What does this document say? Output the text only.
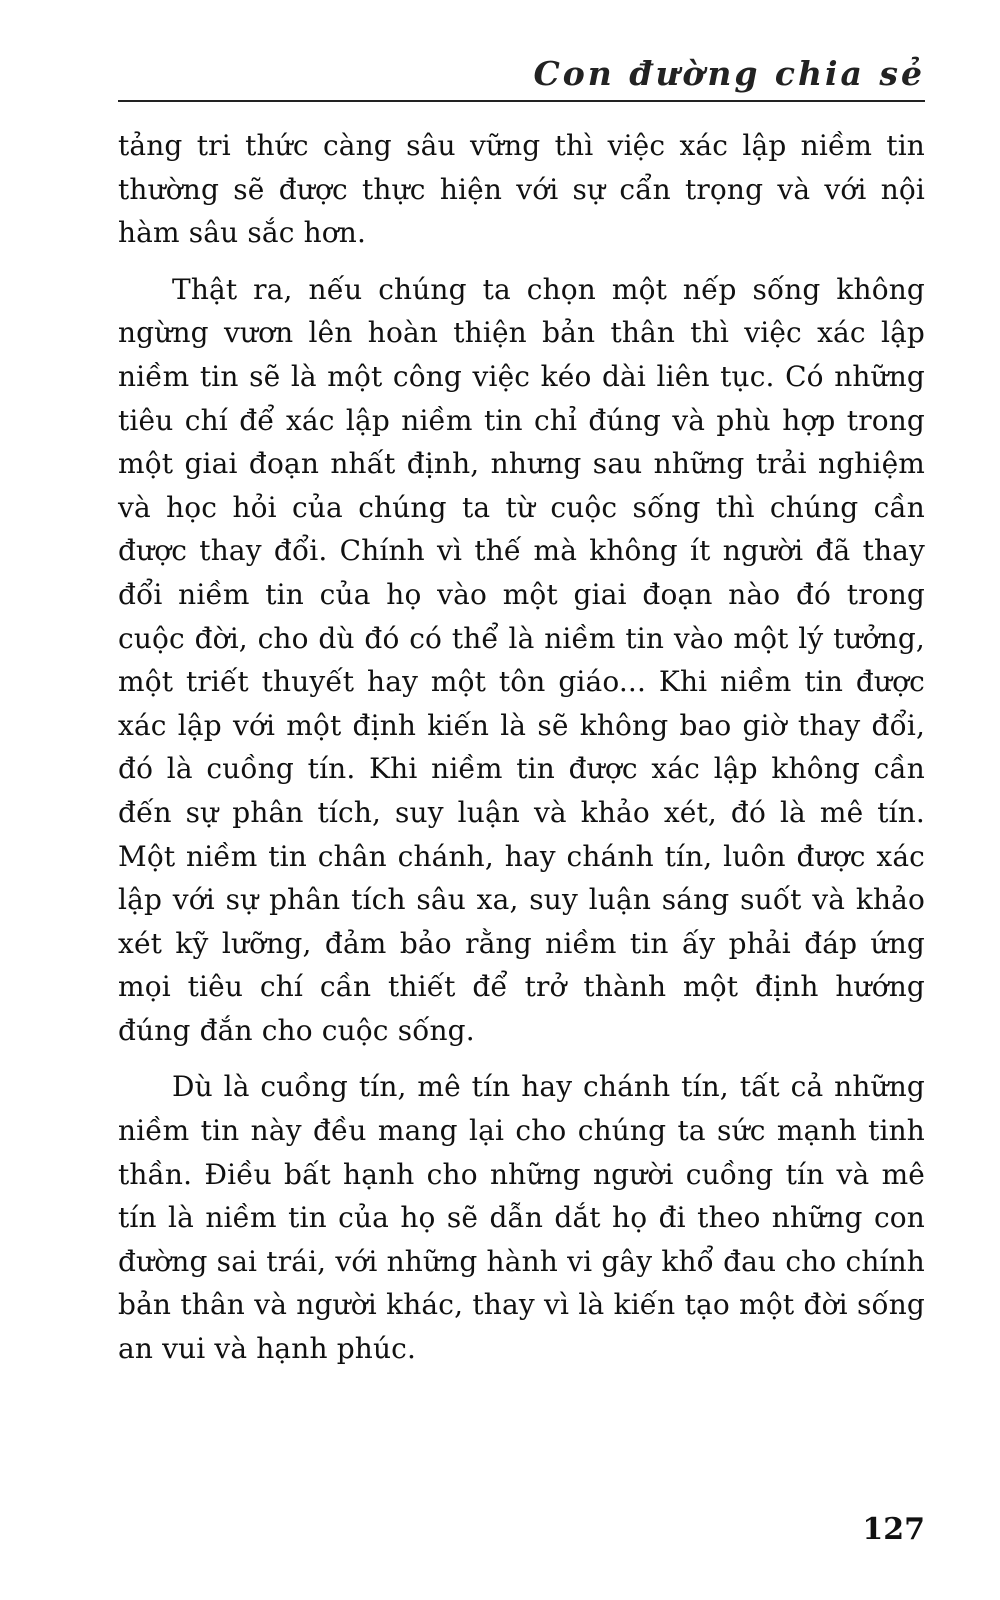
Con đường chia sẻ

tảng tri thức càng sâu vững thì việc xác lập niềm tin thường sẽ được thực hiện với sự cẩn trọng và với nội hàm sâu sắc hơn.

Thật ra, nếu chúng ta chọn một nếp sống không ngừng vươn lên hoàn thiện bản thân thì việc xác lập niềm tin sẽ là một công việc kéo dài liên tục. Có những tiêu chí để xác lập niềm tin chỉ đúng và phù hợp trong một giai đoạn nhất định, nhưng sau những trải nghiệm và học hỏi của chúng ta từ cuộc sống thì chúng cần được thay đổi. Chính vì thế mà không ít người đã thay đổi niềm tin của họ vào một giai đoạn nào đó trong cuộc đời, cho dù đó có thể là niềm tin vào một lý tưởng, một triết thuyết hay một tôn giáo... Khi niềm tin được xác lập với một định kiến là sẽ không bao giờ thay đổi, đó là cuồng tín. Khi niềm tin được xác lập không cần đến sự phân tích, suy luận và khảo xét, đó là mê tín. Một niềm tin chân chánh, hay chánh tín, luôn được xác lập với sự phân tích sâu xa, suy luận sáng suốt và khảo xét kỹ lưỡng, đảm bảo rằng niềm tin ấy phải đáp ứng mọi tiêu chí cần thiết để trở thành một định hướng đúng đắn cho cuộc sống.

Dù là cuồng tín, mê tín hay chánh tín, tất cả những niềm tin này đều mang lại cho chúng ta sức mạnh tinh thần. Điều bất hạnh cho những người cuồng tín và mê tín là niềm tin của họ sẽ dẫn dắt họ đi theo những con đường sai trái, với những hành vi gây khổ đau cho chính bản thân và người khác, thay vì là kiến tạo một đời sống an vui và hạnh phúc.

127
